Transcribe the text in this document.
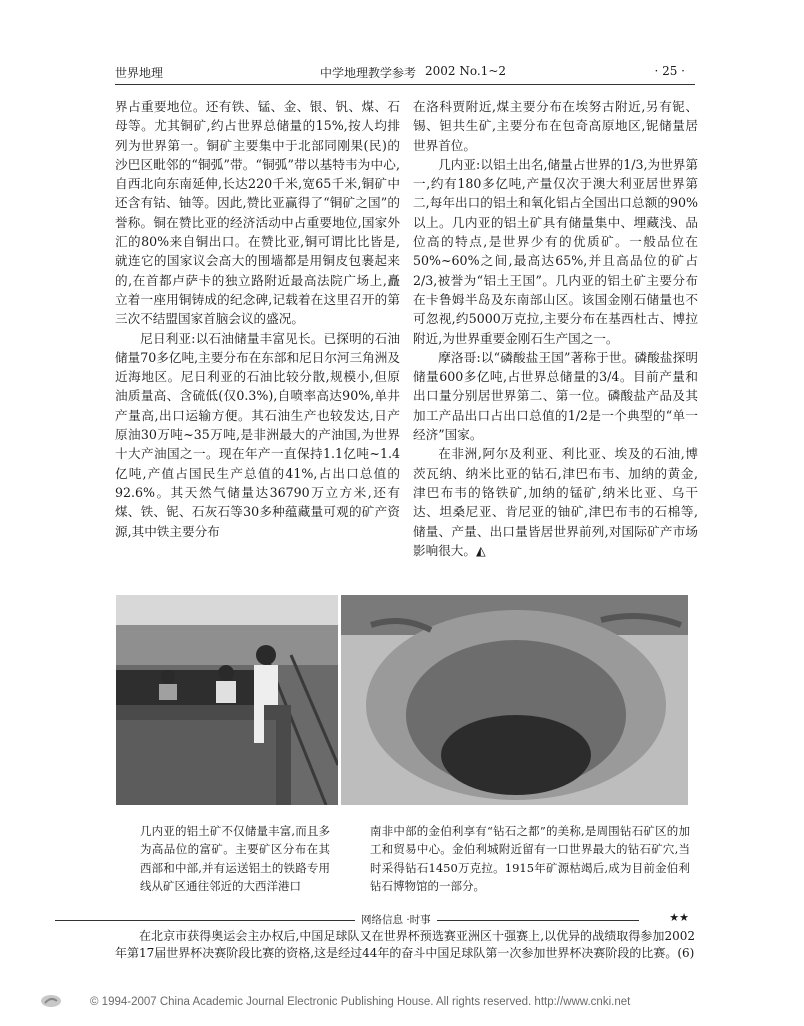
世界地理	中学地理教学参考 2002 No.1~2	· 25 ·

界占重要地位。还有铁、锰、金、银、钒、煤、石母等。尤其铜矿,约占世界总储量的15%,按人均排列为世界第一。铜矿主要集中于北部同刚果(民)的沙巴区毗邻的“铜弧”带。“铜弧”带以基特韦为中心,自西北向东南延伸,长达220千米,宽65千米,铜矿中还含有钴、铀等。因此,赞比亚赢得了“铜矿之国”的誉称。铜在赞比亚的经济活动中占重要地位,国家外汇的80%来自铜出口。在赞比亚,铜可谓比比皆是,就连它的国家议会高大的围墙都是用铜皮包裹起来的,在首都卢萨卡的独立路附近最高法院广场上,矗立着一座用铜铸成的纪念碑,记载着在这里召开的第三次不结盟国家首脑会议的盛况。

尼日利亚:以石油储量丰富见长。已探明的石油储量70多亿吨,主要分布在东部和尼日尔河三角洲及近海地区。尼日利亚的石油比较分散,规模小,但原油质量高、含硫低(仅0.3%),自喷率高达90%,单井产量高,出口运输方便。其石油生产也较发达,日产原油30万吨~35万吨,是非洲最大的产油国,为世界十大产油国之一。现在年产一直保持1.1亿吨~1.4亿吨,产值占国民生产总值的41%,占出口总值的92.6%。其天然气储量达36790万立方米,还有煤、铁、铌、石灰石等30多种蕴藏量可观的矿产资源,其中铁主要分布

在洛科贾附近,煤主要分布在埃努古附近,另有铌、锡、钽共生矿,主要分布在包奇高原地区,铌储量居世界首位。

几内亚:以铝土出名,储量占世界的1/3,为世界第一,约有180多亿吨,产量仅次于澳大利亚居世界第二,每年出口的铝土和氧化铝占全国出口总额的90%以上。几内亚的铝土矿具有储量集中、埋藏浅、品位高的特点,是世界少有的优质矿。一般品位在50%~60%之间,最高达65%,并且高品位的矿占2/3,被誉为“铝土王国”。几内亚的铝土矿主要分布在卡鲁姆半岛及东南部山区。该国金刚石储量也不可忽视,约5000万克拉,主要分布在基西杜古、博拉附近,为世界重要金刚石生产国之一。

摩洛哥:以“磷酸盐王国”著称于世。磷酸盐探明储量600多亿吨,占世界总储量的3/4。目前产量和出口量分别居世界第二、第一位。磷酸盐产品及其加工产品出口占出口总值的1/2是一个典型的“单一经济”国家。

在非洲,阿尔及利亚、利比亚、埃及的石油,博茨瓦纳、纳米比亚的钻石,津巴布韦、加纳的黄金,津巴布韦的铬铁矿,加纳的锰矿,纳米比亚、乌干达、坦桑尼亚、肯尼亚的铀矿,津巴布韦的石棉等,储量、产量、出口量皆居世界前列,对国际矿产市场影响很大。◭

几内亚的铝土矿不仅储量丰富,而且多为高品位的富矿。主要矿区分布在其西部和中部,并有运送铝土的铁路专用线从矿区通往邻近的大西洋港口
南非中部的金伯利享有“钻石之都”的美称,是周围钻石矿区的加工和贸易中心。金伯利城附近留有一口世界最大的钻石矿穴,当时采得钻石1450万克拉。1915年矿源枯竭后,成为目前金伯利钻石博物馆的一部分。
网络信息 ·时事	★★
在北京市获得奥运会主办权后,中国足球队又在世界杯预选赛亚洲区十强赛上,以优异的战绩取得参加2002年第17届世界杯决赛阶段比赛的资格,这是经过44年的奋斗中国足球队第一次参加世界杯决赛阶段的比赛。(6)
© 1994-2007 China Academic Journal Electronic Publishing House. All rights reserved. http://www.cnki.net
